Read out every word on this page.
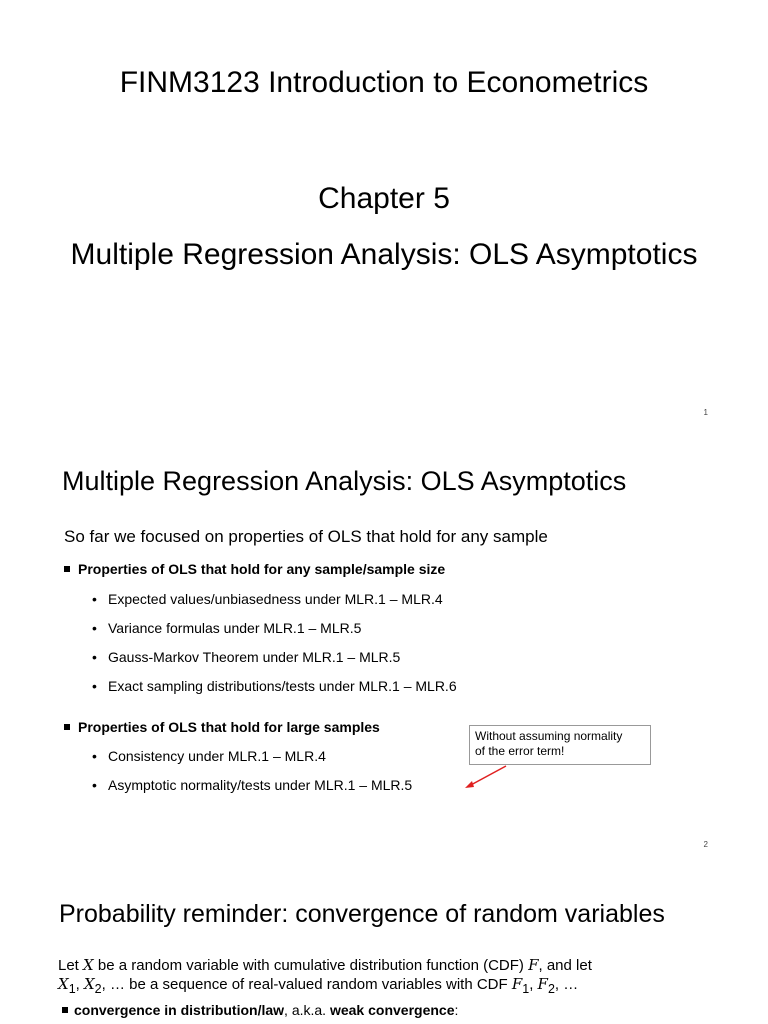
FINM3123 Introduction to Econometrics
Chapter 5
Multiple Regression Analysis: OLS Asymptotics
1
Multiple Regression Analysis: OLS Asymptotics
So far we focused on properties of OLS that hold for any sample
Properties of OLS that hold for any sample/sample size
• Expected values/unbiasedness under MLR.1 – MLR.4
• Variance formulas under MLR.1 – MLR.5
• Gauss-Markov Theorem under MLR.1 – MLR.5
• Exact sampling distributions/tests under MLR.1 – MLR.6
Properties of OLS that hold for large samples
• Consistency under MLR.1 – MLR.4
• Asymptotic normality/tests under MLR.1 – MLR.5
Without assuming normality
of the error term!
2
Probability reminder: convergence of random variables
Let X be a random variable with cumulative distribution function (CDF) F, and let
$X_1$, $X_2$, … be a sequence of real-valued random variables with CDF $F_1$, $F_2$, …
convergence in distribution/law, a.k.a. weak convergence:
